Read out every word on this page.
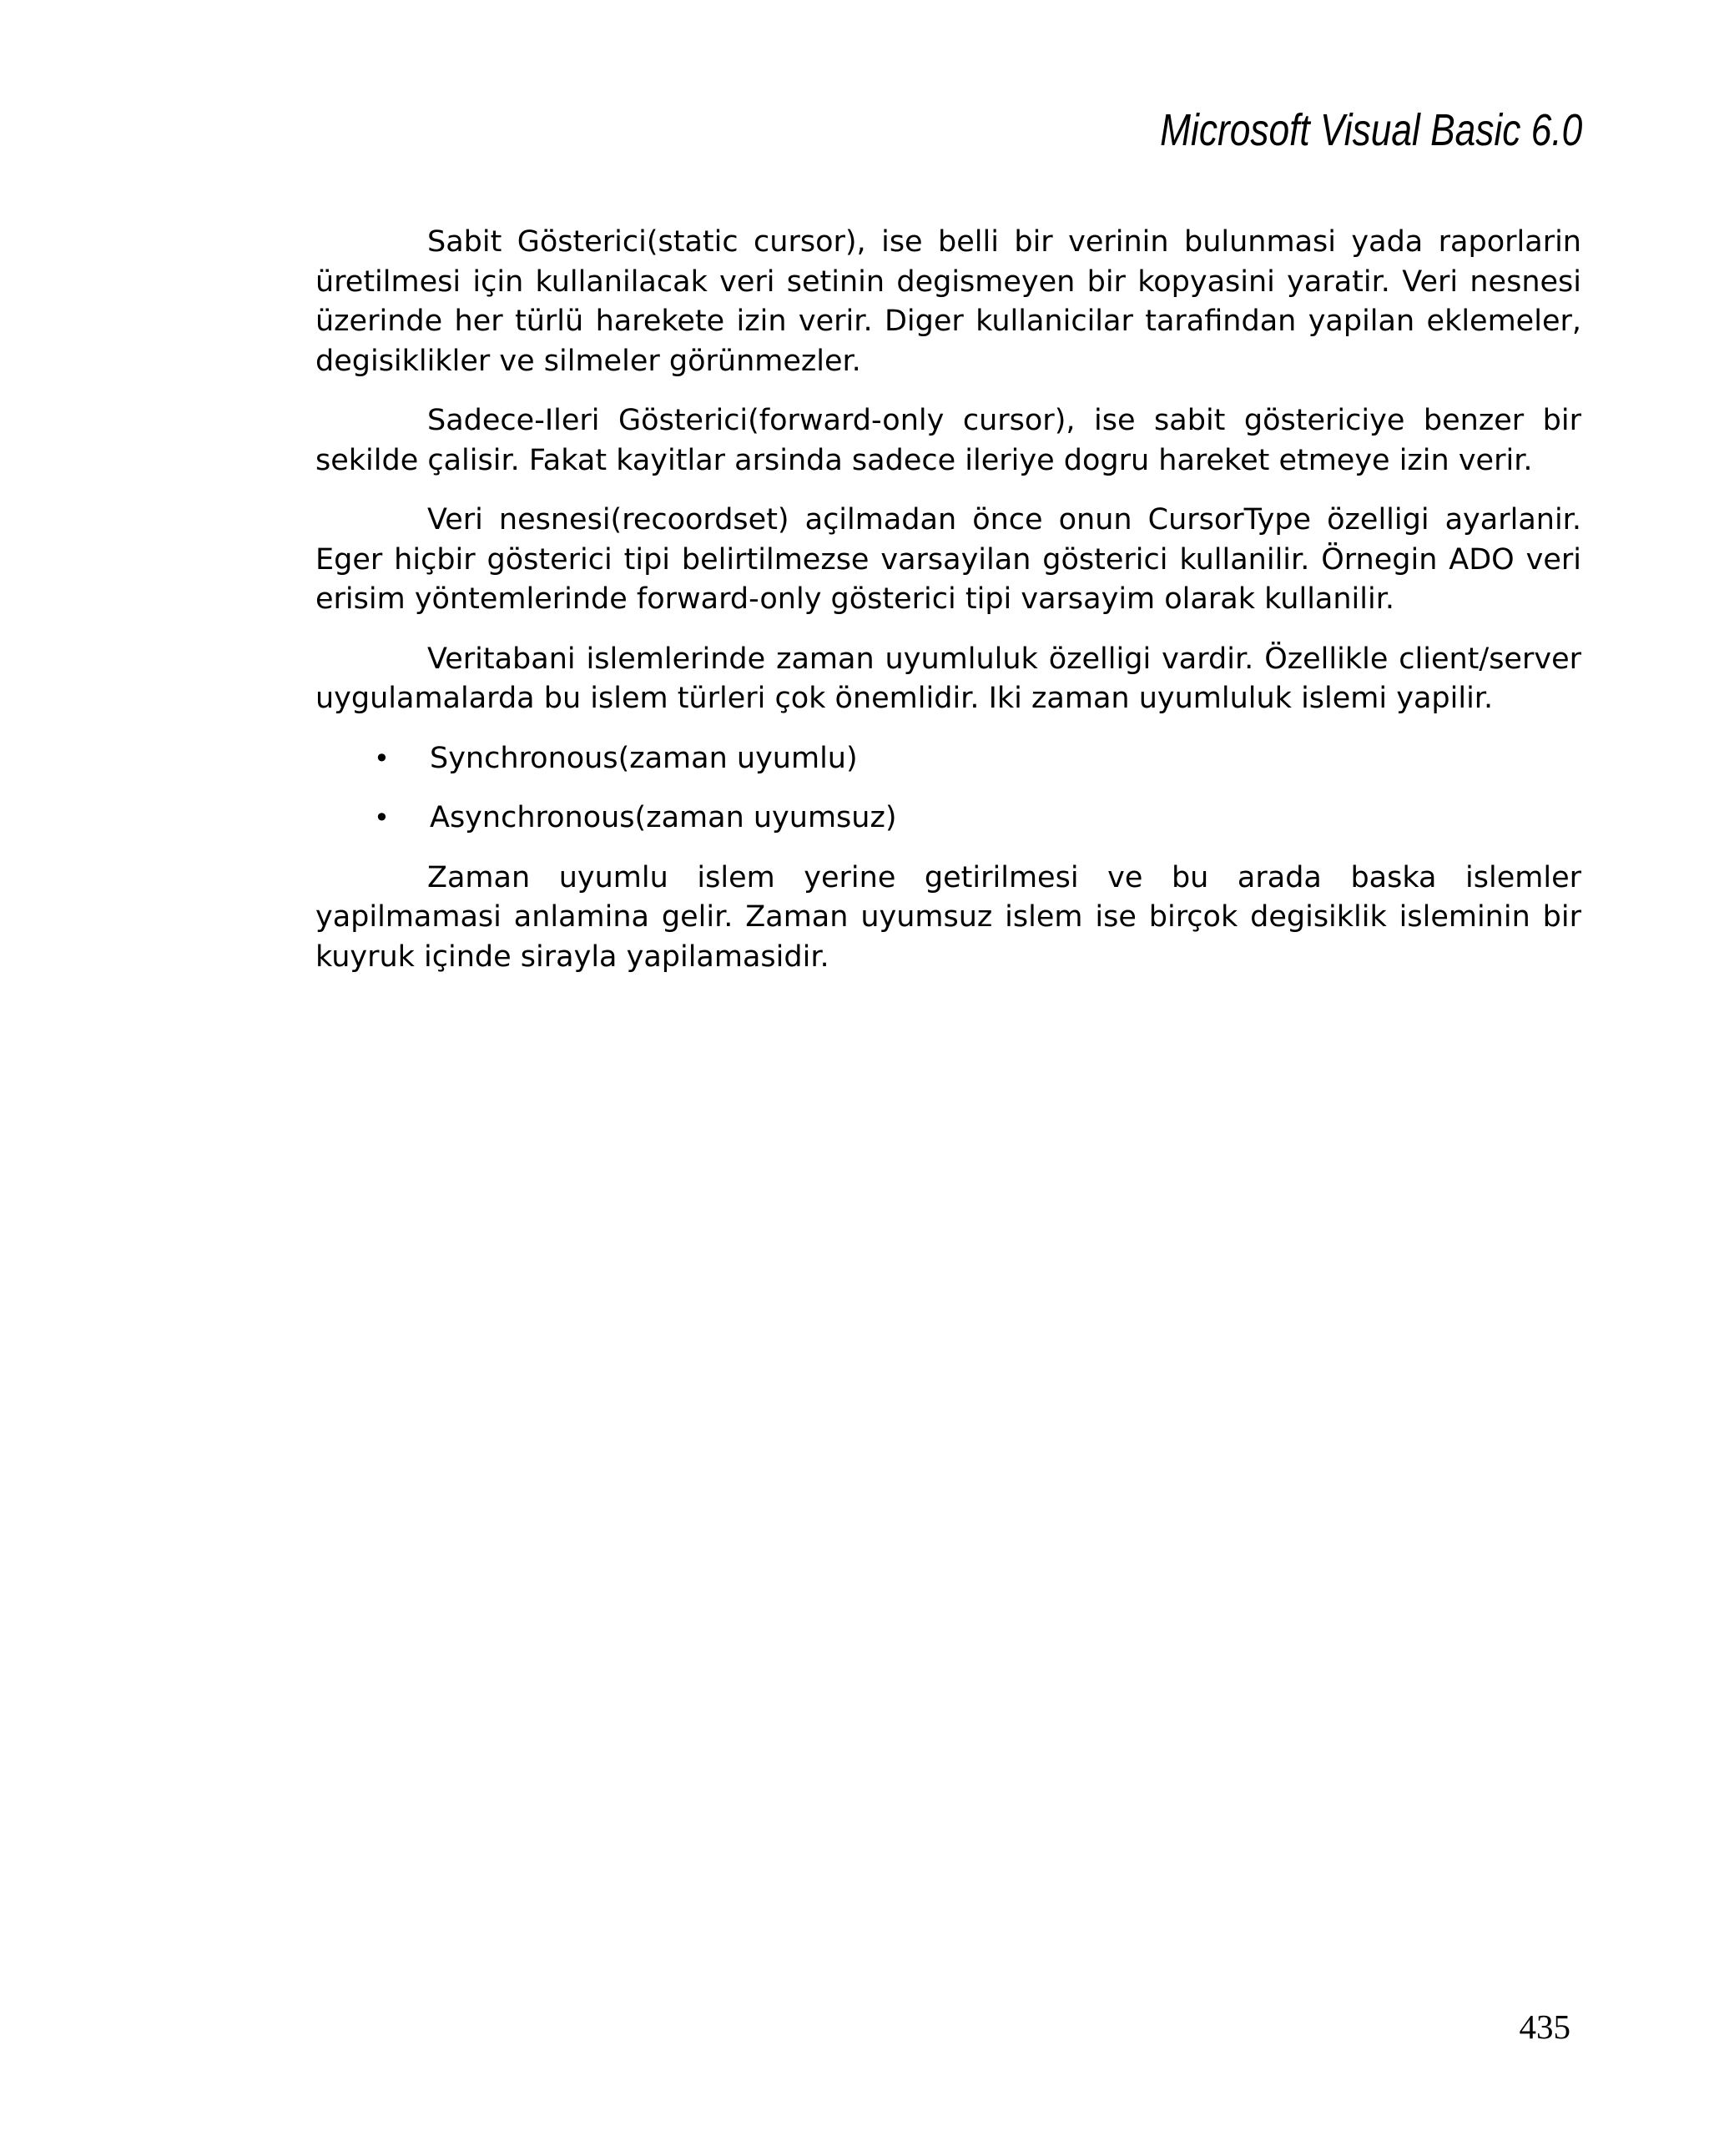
Microsoft Visual Basic 6.0

Sabit Gösterici(static cursor), ise belli bir verinin bulunmasi yada raporlarin üretilmesi için kullanilacak veri setinin degismeyen bir kopyasini yaratir. Veri nesnesi üzerinde her türlü harekete izin verir. Diger kullanicilar tarafindan yapilan eklemeler, degisiklikler ve silmeler görünmezler.

Sadece-Ileri Gösterici(forward-only cursor), ise sabit göstericiye benzer bir sekilde çalisir. Fakat kayitlar arsinda sadece ileriye dogru hareket etmeye izin verir.

Veri nesnesi(recoordset) açilmadan önce onun CursorType özelligi ayarlanir. Eger hiçbir gösterici tipi belirtilmezse varsayilan gösterici kullanilir. Örnegin ADO veri erisim yöntemlerinde forward-only gösterici tipi varsayim olarak kullanilir.

Veritabani islemlerinde zaman uyumluluk özelligi vardir. Özellikle client/server uygulamalarda bu islem türleri çok önemlidir. Iki zaman uyumluluk islemi yapilir.

• Synchronous(zaman uyumlu)
• Asynchronous(zaman uyumsuz)

Zaman uyumlu islem yerine getirilmesi ve bu arada baska islemler yapilmamasi anlamina gelir. Zaman uyumsuz islem ise birçok degisiklik isleminin bir kuyruk içinde sirayla yapilamasidir.

435
